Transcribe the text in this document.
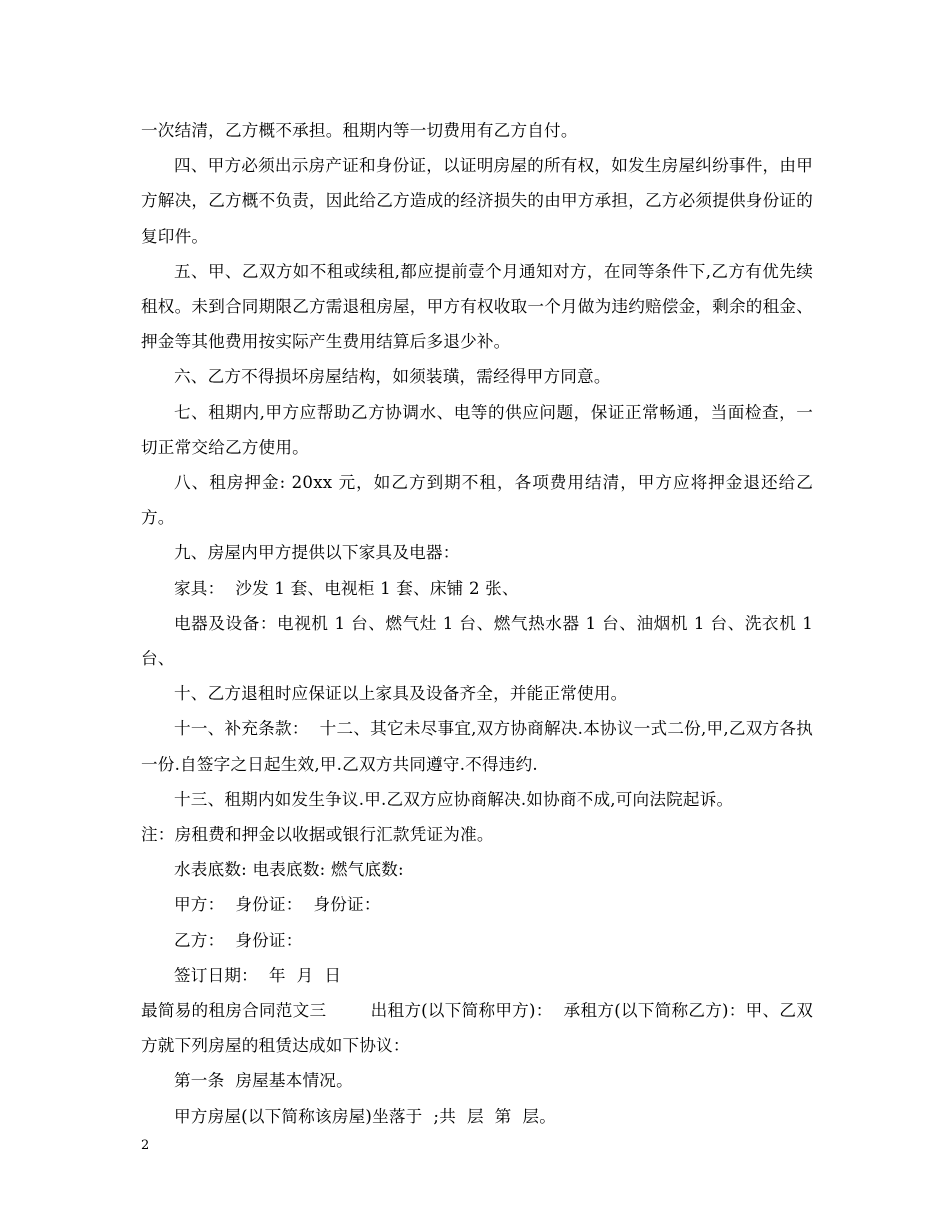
一次结清，乙方概不承担。租期内等一切费用有乙方自付。

四、甲方必须出示房产证和身份证，以证明房屋的所有权，如发生房屋纠纷事件，由甲方解决，乙方概不负责，因此给乙方造成的经济损失的由甲方承担，乙方必须提供身份证的复印件。

五、甲、乙双方如不租或续租,都应提前壹个月通知对方，在同等条件下,乙方有优先续租权。未到合同期限乙方需退租房屋，甲方有权收取一个月做为违约赔偿金，剩余的租金、押金等其他费用按实际产生费用结算后多退少补。

六、乙方不得损坏房屋结构，如须装璜，需经得甲方同意。

七、租期内,甲方应帮助乙方协调水、电等的供应问题，保证正常畅通，当面检查，一切正常交给乙方使用。

八、租房押金: 20xx 元，如乙方到期不租，各项费用结清，甲方应将押金退还给乙方。

九、房屋内甲方提供以下家具及电器：

家具：  沙发 1 套、电视柜 1 套、床铺 2 张、

电器及设备：电视机 1 台、燃气灶 1 台、燃气热水器 1 台、油烟机 1 台、洗衣机 1 台、

十、乙方退租时应保证以上家具及设备齐全，并能正常使用。

十一、补充条款：  十二、其它未尽事宜,双方协商解决.本协议一式二份,甲,乙双方各执一份.自签字之日起生效,甲.乙双方共同遵守.不得违约.

十三、租期内如发生争议.甲.乙双方应协商解决.如协商不成,可向法院起诉。

注：房租费和押金以收据或银行汇款凭证为准。

水表底数: 电表底数: 燃气底数:

甲方：  身份证：  身份证：

乙方：  身份证：

签订日期：  年  月  日

最简易的租房合同范文三        出租方(以下简称甲方)：  承租方(以下简称乙方)：甲、乙双方就下列房屋的租赁达成如下协议：

第一条  房屋基本情况。

甲方房屋(以下简称该房屋)坐落于  ;共  层  第  层。

2
